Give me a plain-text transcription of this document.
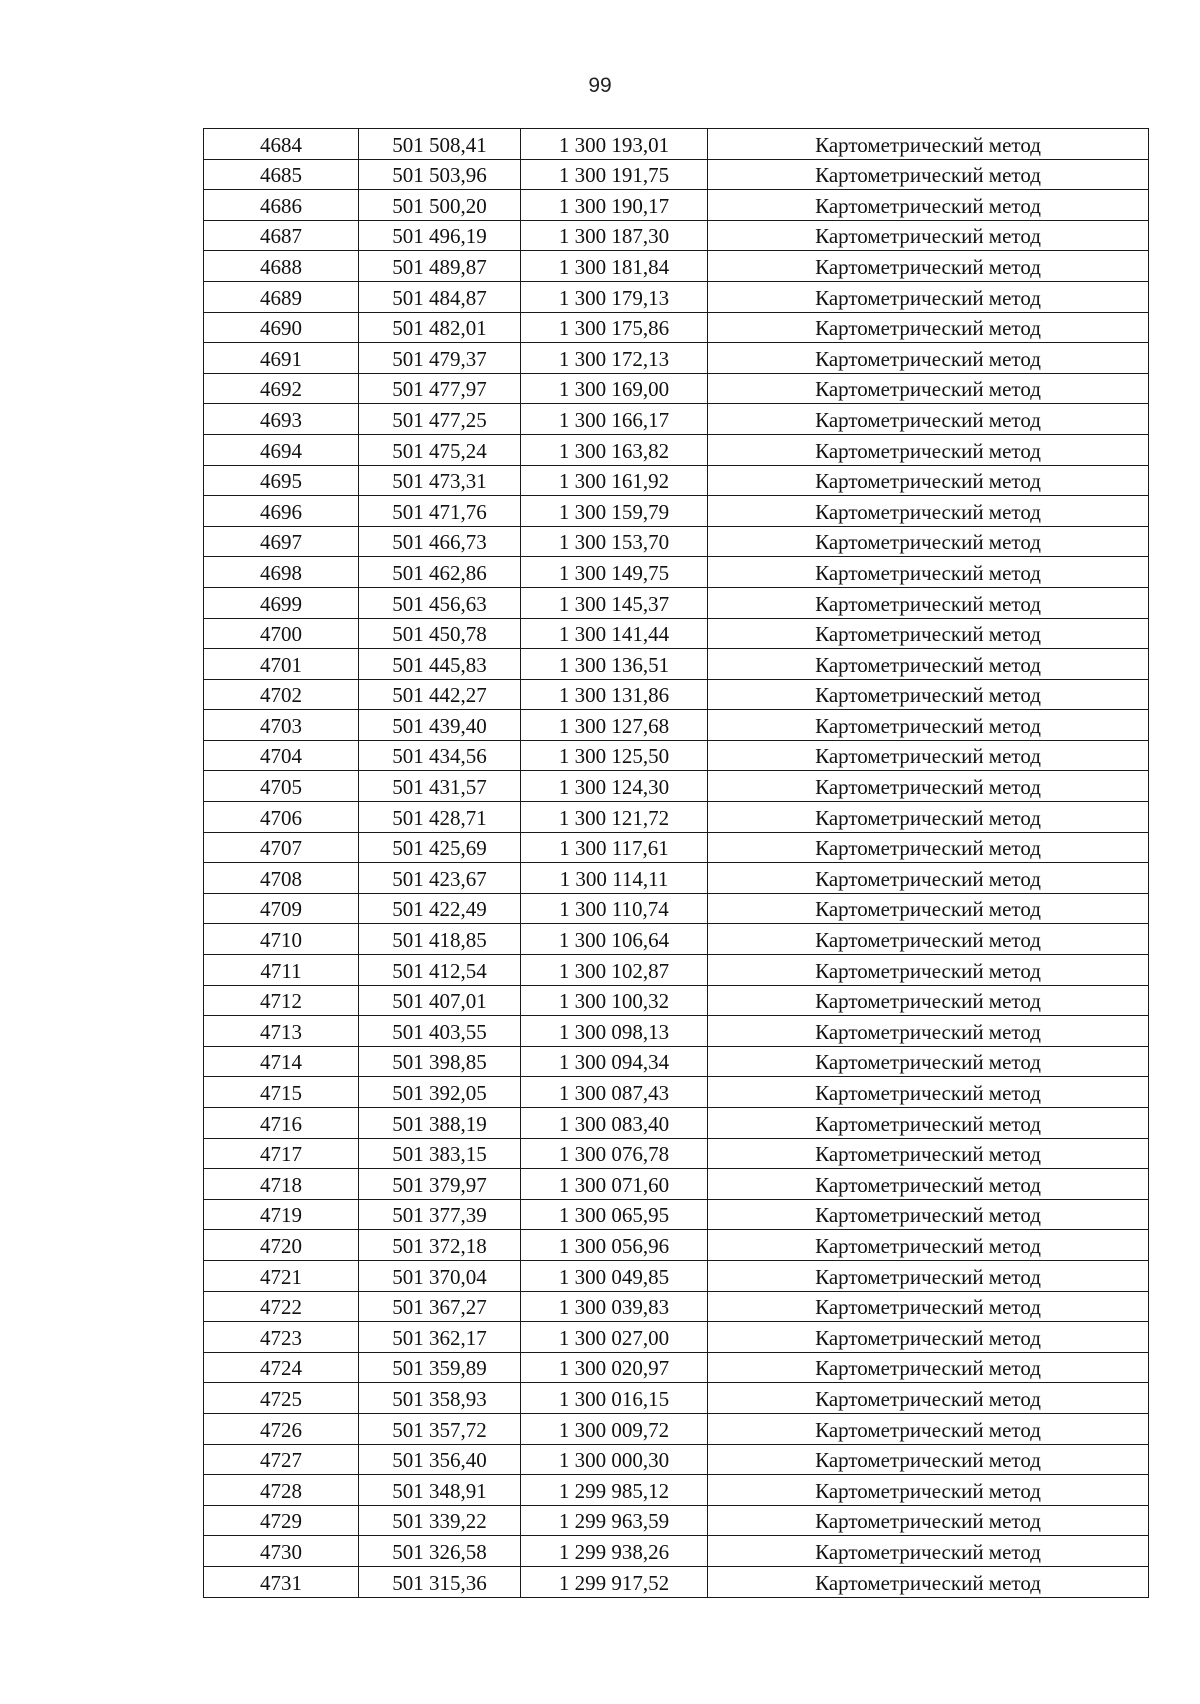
99
4684	501 508,41	1 300 193,01	Картометрический метод
4685	501 503,96	1 300 191,75	Картометрический метод
4686	501 500,20	1 300 190,17	Картометрический метод
4687	501 496,19	1 300 187,30	Картометрический метод
4688	501 489,87	1 300 181,84	Картометрический метод
4689	501 484,87	1 300 179,13	Картометрический метод
4690	501 482,01	1 300 175,86	Картометрический метод
4691	501 479,37	1 300 172,13	Картометрический метод
4692	501 477,97	1 300 169,00	Картометрический метод
4693	501 477,25	1 300 166,17	Картометрический метод
4694	501 475,24	1 300 163,82	Картометрический метод
4695	501 473,31	1 300 161,92	Картометрический метод
4696	501 471,76	1 300 159,79	Картометрический метод
4697	501 466,73	1 300 153,70	Картометрический метод
4698	501 462,86	1 300 149,75	Картометрический метод
4699	501 456,63	1 300 145,37	Картометрический метод
4700	501 450,78	1 300 141,44	Картометрический метод
4701	501 445,83	1 300 136,51	Картометрический метод
4702	501 442,27	1 300 131,86	Картометрический метод
4703	501 439,40	1 300 127,68	Картометрический метод
4704	501 434,56	1 300 125,50	Картометрический метод
4705	501 431,57	1 300 124,30	Картометрический метод
4706	501 428,71	1 300 121,72	Картометрический метод
4707	501 425,69	1 300 117,61	Картометрический метод
4708	501 423,67	1 300 114,11	Картометрический метод
4709	501 422,49	1 300 110,74	Картометрический метод
4710	501 418,85	1 300 106,64	Картометрический метод
4711	501 412,54	1 300 102,87	Картометрический метод
4712	501 407,01	1 300 100,32	Картометрический метод
4713	501 403,55	1 300 098,13	Картометрический метод
4714	501 398,85	1 300 094,34	Картометрический метод
4715	501 392,05	1 300 087,43	Картометрический метод
4716	501 388,19	1 300 083,40	Картометрический метод
4717	501 383,15	1 300 076,78	Картометрический метод
4718	501 379,97	1 300 071,60	Картометрический метод
4719	501 377,39	1 300 065,95	Картометрический метод
4720	501 372,18	1 300 056,96	Картометрический метод
4721	501 370,04	1 300 049,85	Картометрический метод
4722	501 367,27	1 300 039,83	Картометрический метод
4723	501 362,17	1 300 027,00	Картометрический метод
4724	501 359,89	1 300 020,97	Картометрический метод
4725	501 358,93	1 300 016,15	Картометрический метод
4726	501 357,72	1 300 009,72	Картометрический метод
4727	501 356,40	1 300 000,30	Картометрический метод
4728	501 348,91	1 299 985,12	Картометрический метод
4729	501 339,22	1 299 963,59	Картометрический метод
4730	501 326,58	1 299 938,26	Картометрический метод
4731	501 315,36	1 299 917,52	Картометрический метод
